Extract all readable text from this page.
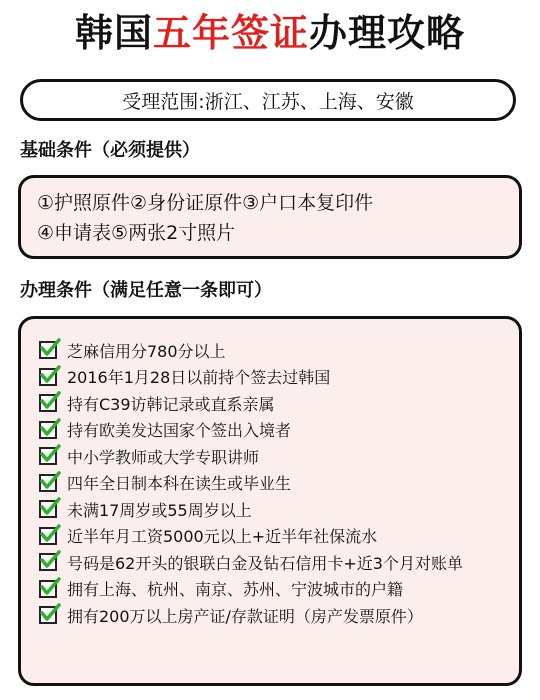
韩国五年签证办理攻略
受理范围:浙江、江苏、上海、安徽
基础条件（必须提供）
①护照原件②身份证原件③户口本复印件
④申请表⑤两张2寸照片
办理条件（满足任意一条即可）
芝麻信用分780分以上
2016年1月28日以前持个签去过韩国
持有C39访韩记录或直系亲属
持有欧美发达国家个签出入境者
中小学教师或大学专职讲师
四年全日制本科在读生或毕业生
未满17周岁或55周岁以上
近半年月工资5000元以上+近半年社保流水
号码是62开头的银联白金及钻石信用卡+近3个月对账单
拥有上海、杭州、南京、苏州、宁波城市的户籍
拥有200万以上房产证/存款证明（房产发票原件）
